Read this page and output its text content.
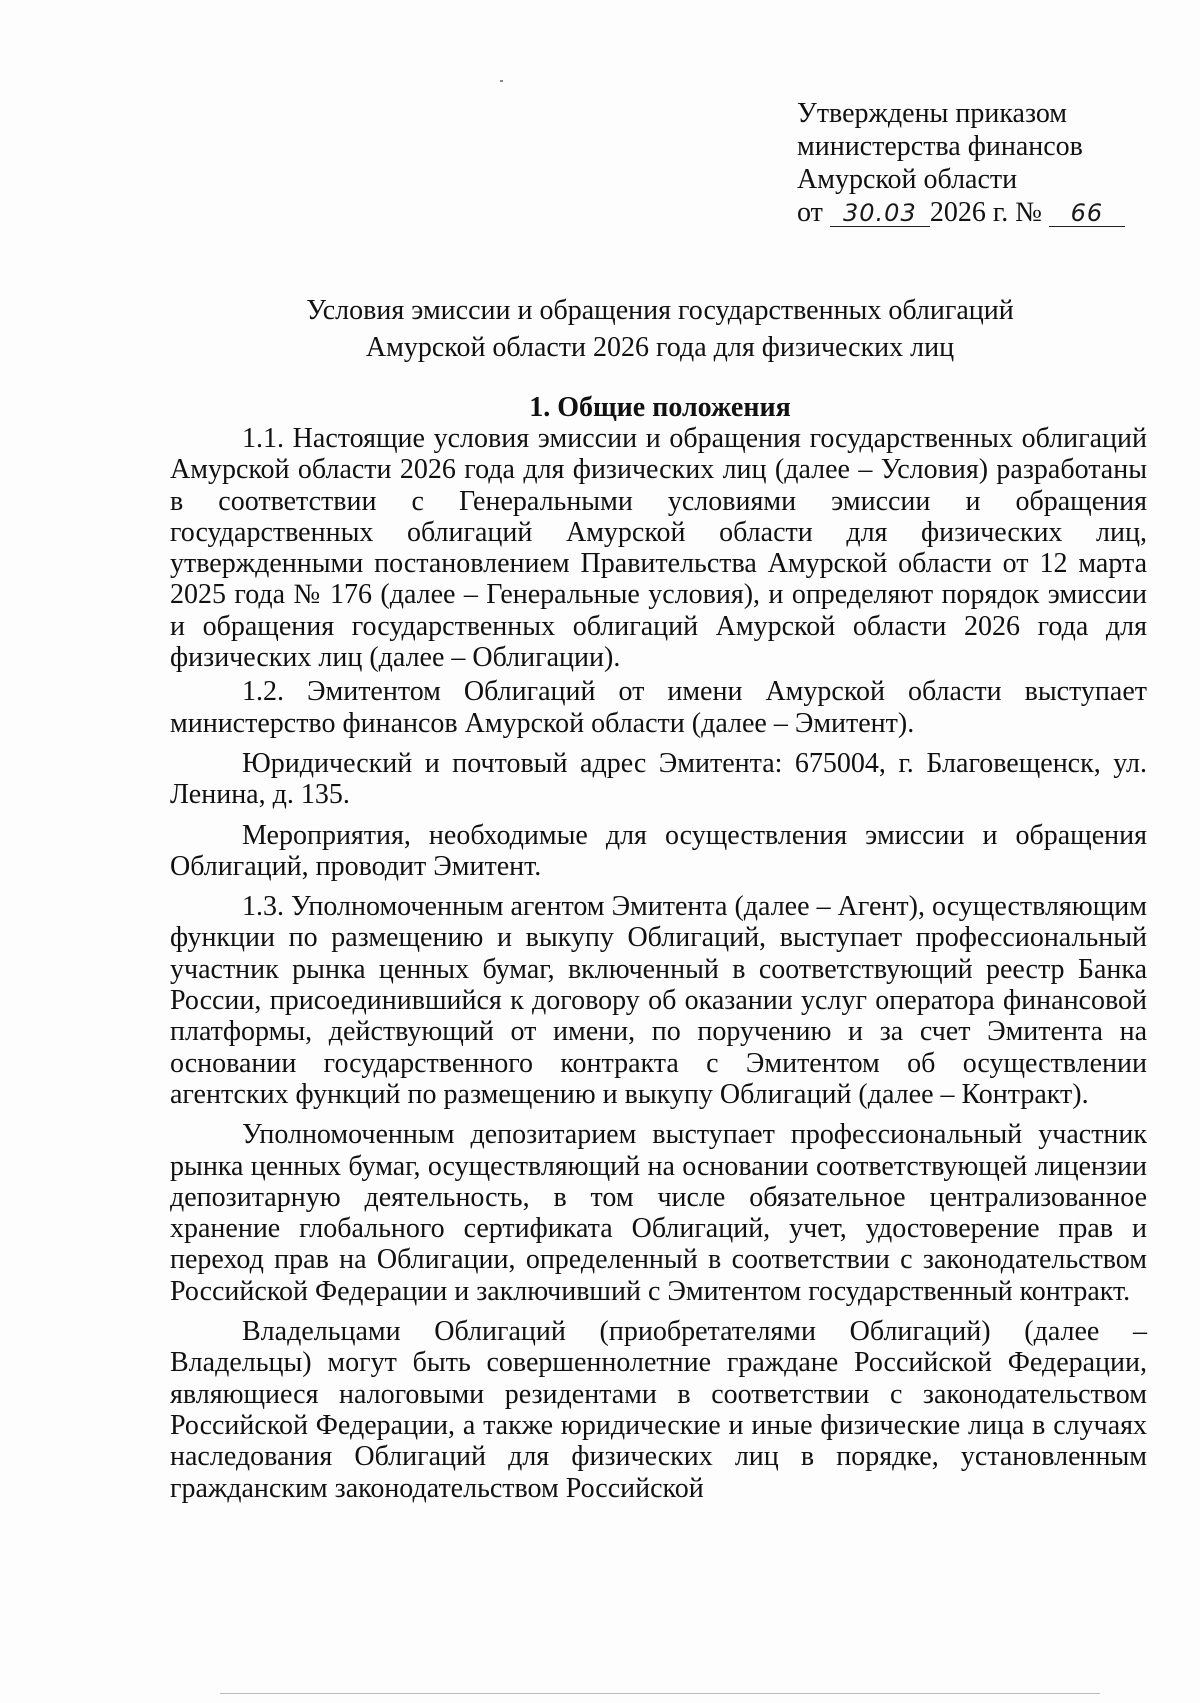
Утверждены приказом
министерства финансов
Амурской области
от 30.03 2026 г. № 66
Условия эмиссии и обращения государственных облигаций
Амурской области 2026 года для физических лиц
1. Общие положения

1.1. Настоящие условия эмиссии и обращения государственных облигаций Амурской области 2026 года для физических лиц (далее – Условия) разработаны в соответствии с Генеральными условиями эмиссии и обращения государственных облигаций Амурской области для физических лиц, утвержденными постановлением Правительства Амурской области от 12 марта 2025 года № 176 (далее – Генеральные условия), и определяют порядок эмиссии и обращения государственных облигаций Амурской области 2026 года для физических лиц (далее – Облигации).

1.2. Эмитентом Облигаций от имени Амурской области выступает министерство финансов Амурской области (далее – Эмитент).

Юридический и почтовый адрес Эмитента: 675004, г. Благовещенск, ул. Ленина, д. 135.

Мероприятия, необходимые для осуществления эмиссии и обращения Облигаций, проводит Эмитент.

1.3. Уполномоченным агентом Эмитента (далее – Агент), осуществляющим функции по размещению и выкупу Облигаций, выступает профессиональный участник рынка ценных бумаг, включенный в соответствующий реестр Банка России, присоединившийся к договору об оказании услуг оператора финансовой платформы, действующий от имени, по поручению и за счет Эмитента на основании государственного контракта с Эмитентом об осуществлении агентских функций по размещению и выкупу Облигаций (далее – Контракт).

Уполномоченным депозитарием выступает профессиональный участник рынка ценных бумаг, осуществляющий на основании соответствующей лицензии депозитарную деятельность, в том числе обязательное централизованное хранение глобального сертификата Облигаций, учет, удостоверение прав и переход прав на Облигации, определенный в соответствии с законодательством Российской Федерации и заключивший с Эмитентом государственный контракт.

Владельцами Облигаций (приобретателями Облигаций) (далее – Владельцы) могут быть совершеннолетние граждане Российской Федерации, являющиеся налоговыми резидентами в соответствии с законодательством Российской Федерации, а также юридические и иные физические лица в случаях наследования Облигаций для физических лиц в порядке, установленным гражданским законодательством Российской
